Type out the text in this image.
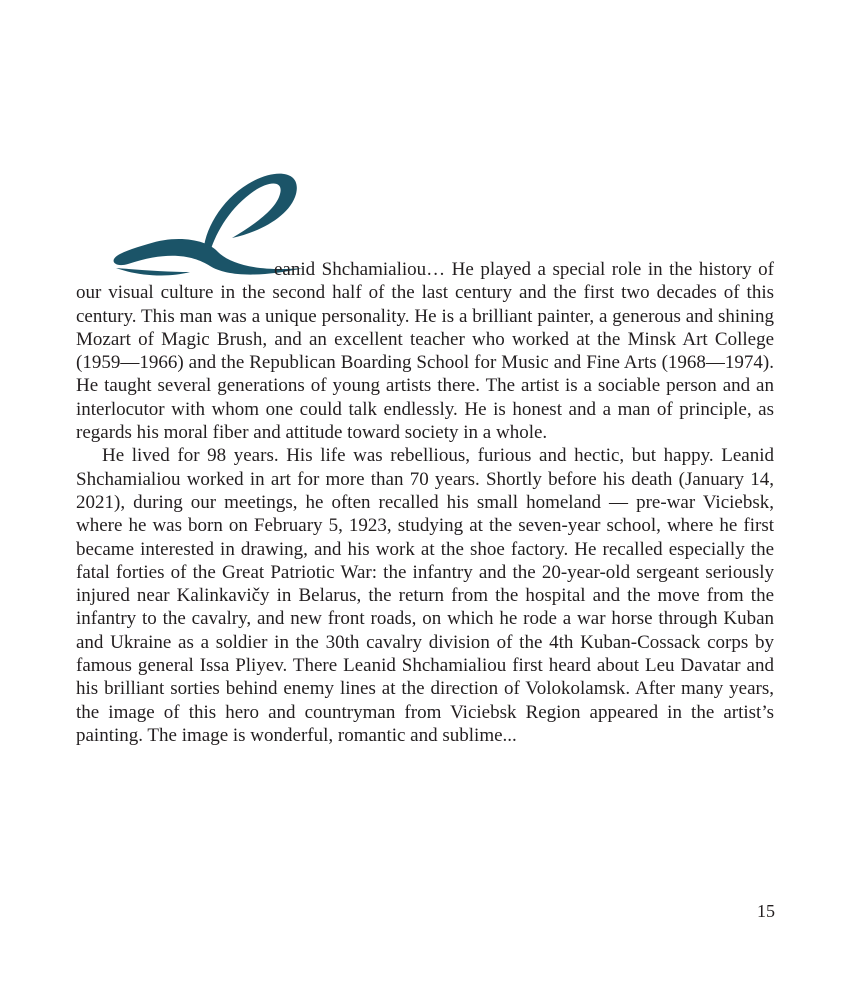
eanid Shchamialiou… He played a special role in the history of our visual culture in the second half of the last century and the first two decades of this century. This man was a unique personality. He is a brilliant painter, a generous and shining Mozart of Magic Brush, and an excellent teacher who worked at the Minsk Art College (1959—1966) and the Republican Boarding School for Music and Fine Arts (1968—1974). He taught several generations of young artists there. The artist is a sociable person and an interlocutor with whom one could talk endlessly. He is honest and a man of principle, as regards his moral fiber and attitude toward society in a whole.

He lived for 98 years. His life was rebellious, furious and hectic, but happy. Leanid Shchamialiou worked in art for more than 70 years. Shortly before his death (January 14, 2021), during our meetings, he often recalled his small homeland — pre-war Viciebsk, where he was born on February 5, 1923, studying at the seven-year school, where he first became interested in drawing, and his work at the shoe factory. He recalled especially the fatal forties of the Great Patriotic War: the infantry and the 20-year-old sergeant seriously injured near Kalinkavičy in Belarus, the return from the hospital and the move from the infantry to the cavalry, and new front roads, on which he rode a war horse through Kuban and Ukraine as a soldier in the 30th cavalry division of the 4th Kuban-Cossack corps by famous general Issa Pliyev. There Leanid Shchamialiou first heard about Leu Davatar and his brilliant sorties behind enemy lines at the direction of Volokolamsk. After many years, the image of this hero and countryman from Viciebsk Region appeared in the artist’s painting. The image is wonderful, romantic and sublime...

15
